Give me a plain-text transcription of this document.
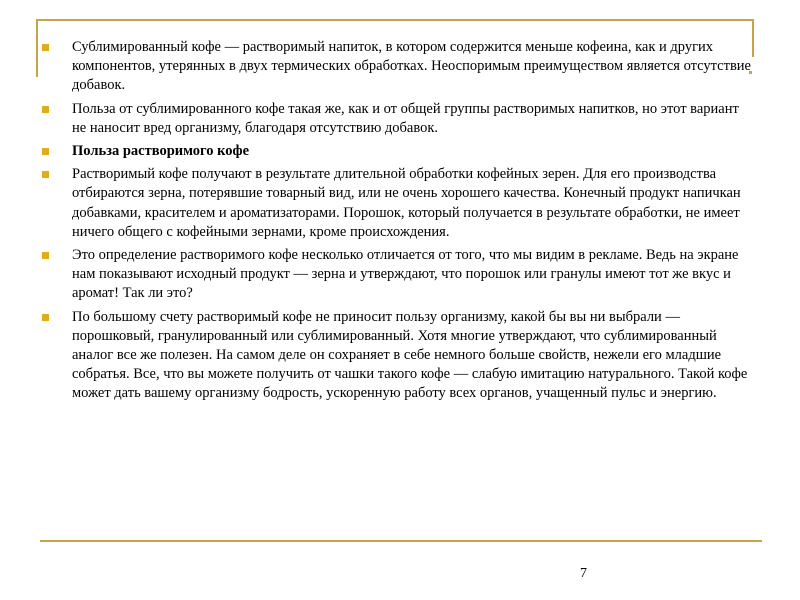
Сублимированный кофе — растворимый напиток, в котором содержится меньше кофеина, как и других компонентов, утерянных в двух термических обработках. Неоспоримым преимуществом является отсутствие добавок.
Польза от сублимированного кофе такая же, как и от общей группы растворимых напитков, но этот вариант не наносит вред организму, благодаря отсутствию добавок.
Польза растворимого кофе
Растворимый кофе получают в результате длительной обработки кофейных зерен. Для его производства отбираются зерна, потерявшие товарный вид, или не очень хорошего качества. Конечный продукт напичкан добавками, красителем и ароматизаторами. Порошок, который получается в результате обработки, не имеет ничего общего с кофейными зернами, кроме происхождения.
Это определение растворимого кофе несколько отличается от того, что мы видим в рекламе. Ведь на экране нам показывают исходный продукт — зерна и утверждают, что порошок или гранулы имеют тот же вкус и аромат! Так ли это?
По большому счету растворимый кофе не приносит пользу организму, какой бы вы ни выбрали — порошковый, гранулированный или сублимированный. Хотя многие утверждают, что сублимированный аналог все же полезен. На самом деле он сохраняет в себе немного больше свойств, нежели его младшие собратья. Все, что вы можете получить от чашки такого кофе — слабую имитацию натурального. Такой кофе может дать вашему организму бодрость, ускоренную работу всех органов, учащенный пульс и энергию.
7
